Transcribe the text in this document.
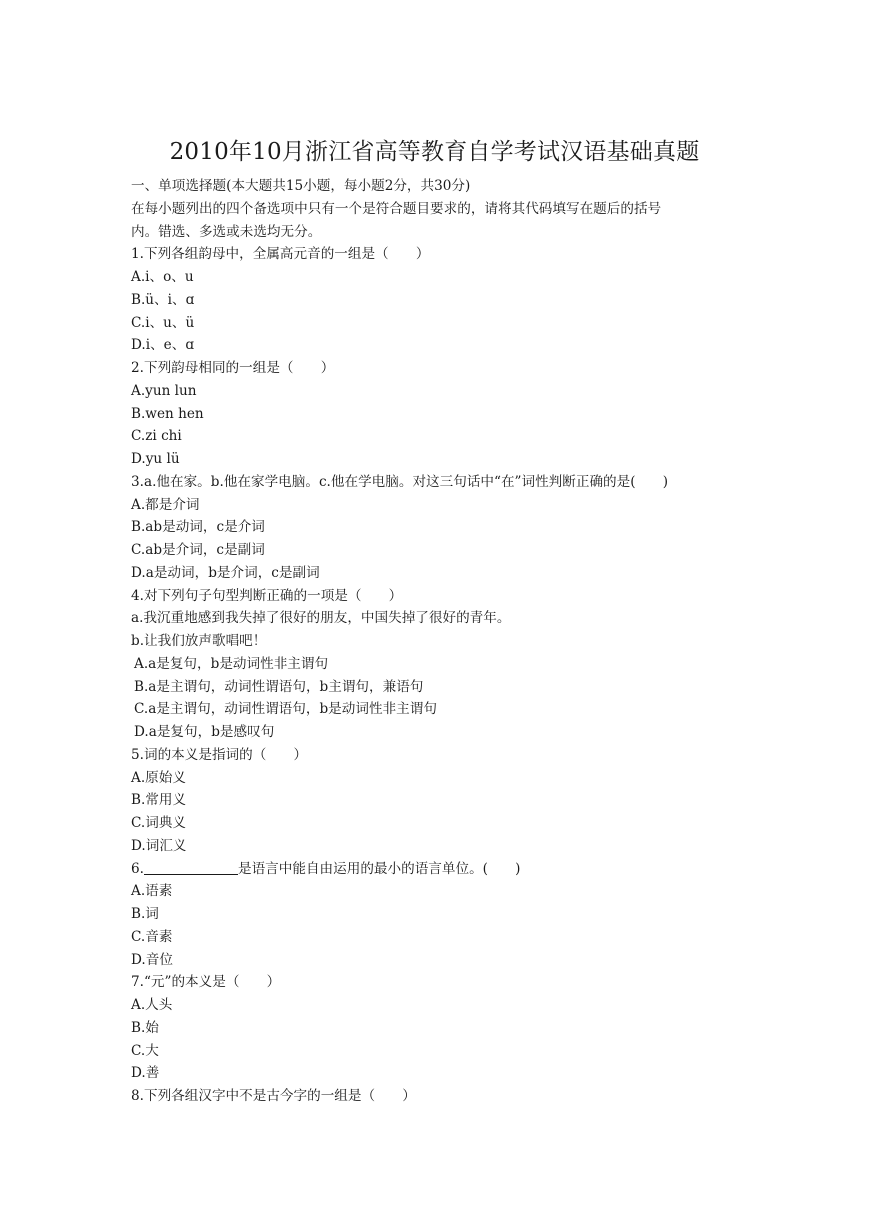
2010年10月浙江省高等教育自学考试汉语基础真题
一、单项选择题(本大题共15小题，每小题2分，共30分)
在每小题列出的四个备选项中只有一个是符合题目要求的，请将其代码填写在题后的括号
内。错选、多选或未选均无分。
1.下列各组韵母中，全属高元音的一组是（　　）
A.i、o、u
B.ü、i、ɑ
C.i、u、ü
D.i、e、ɑ
2.下列韵母相同的一组是（　　）
A.yun lun
B.wen hen
C.zi chi
D.yu lü
3.a.他在家。b.他在家学电脑。c.他在学电脑。对这三句话中“在”词性判断正确的是(　　)
A.都是介词
B.ab是动词，c是介词
C.ab是介词，c是副词
D.a是动词，b是介词，c是副词
4.对下列句子句型判断正确的一项是（　　）
a.我沉重地感到我失掉了很好的朋友，中国失掉了很好的青年。
b.让我们放声歌唱吧！
A.a是复句，b是动词性非主谓句
B.a是主谓句，动词性谓语句，b主谓句，兼语句
C.a是主谓句，动词性谓语句，b是动词性非主谓句
D.a是复句，b是感叹句
5.词的本义是指词的（　　）
A.原始义
B.常用义
C.词典义
D.词汇义
6.	是语言中能自由运用的最小的语言单位。(　　)
A.语素
B.词
C.音素
D.音位
7.“元”的本义是（　　）
A.人头
B.始
C.大
D.善
8.下列各组汉字中不是古今字的一组是（　　）
